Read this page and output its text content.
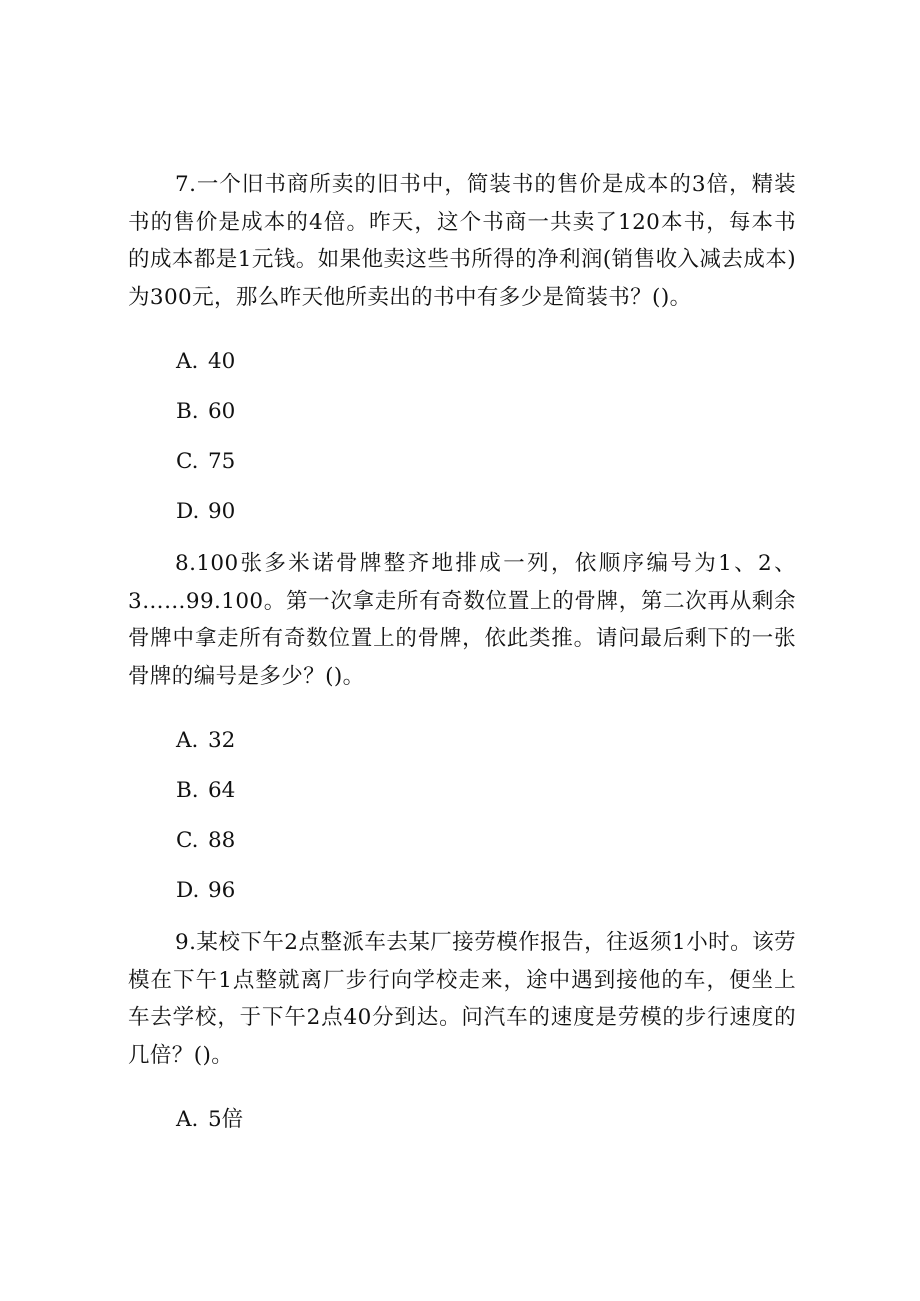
7.一个旧书商所卖的旧书中，简装书的售价是成本的3倍，精装书的售价是成本的4倍。昨天，这个书商一共卖了120本书，每本书的成本都是1元钱。如果他卖这些书所得的净利润(销售收入减去成本)为300元，那么昨天他所卖出的书中有多少是简装书？()。

A. 40

B. 60

C. 75

D. 90

8.100张多米诺骨牌整齐地排成一列，依顺序编号为1、2、3……99.100。第一次拿走所有奇数位置上的骨牌，第二次再从剩余骨牌中拿走所有奇数位置上的骨牌，依此类推。请问最后剩下的一张骨牌的编号是多少？()。

A. 32

B. 64

C. 88

D. 96

9.某校下午2点整派车去某厂接劳模作报告，往返须1小时。该劳模在下午1点整就离厂步行向学校走来，途中遇到接他的车，便坐上车去学校，于下午2点40分到达。问汽车的速度是劳模的步行速度的几倍？()。

A. 5倍
